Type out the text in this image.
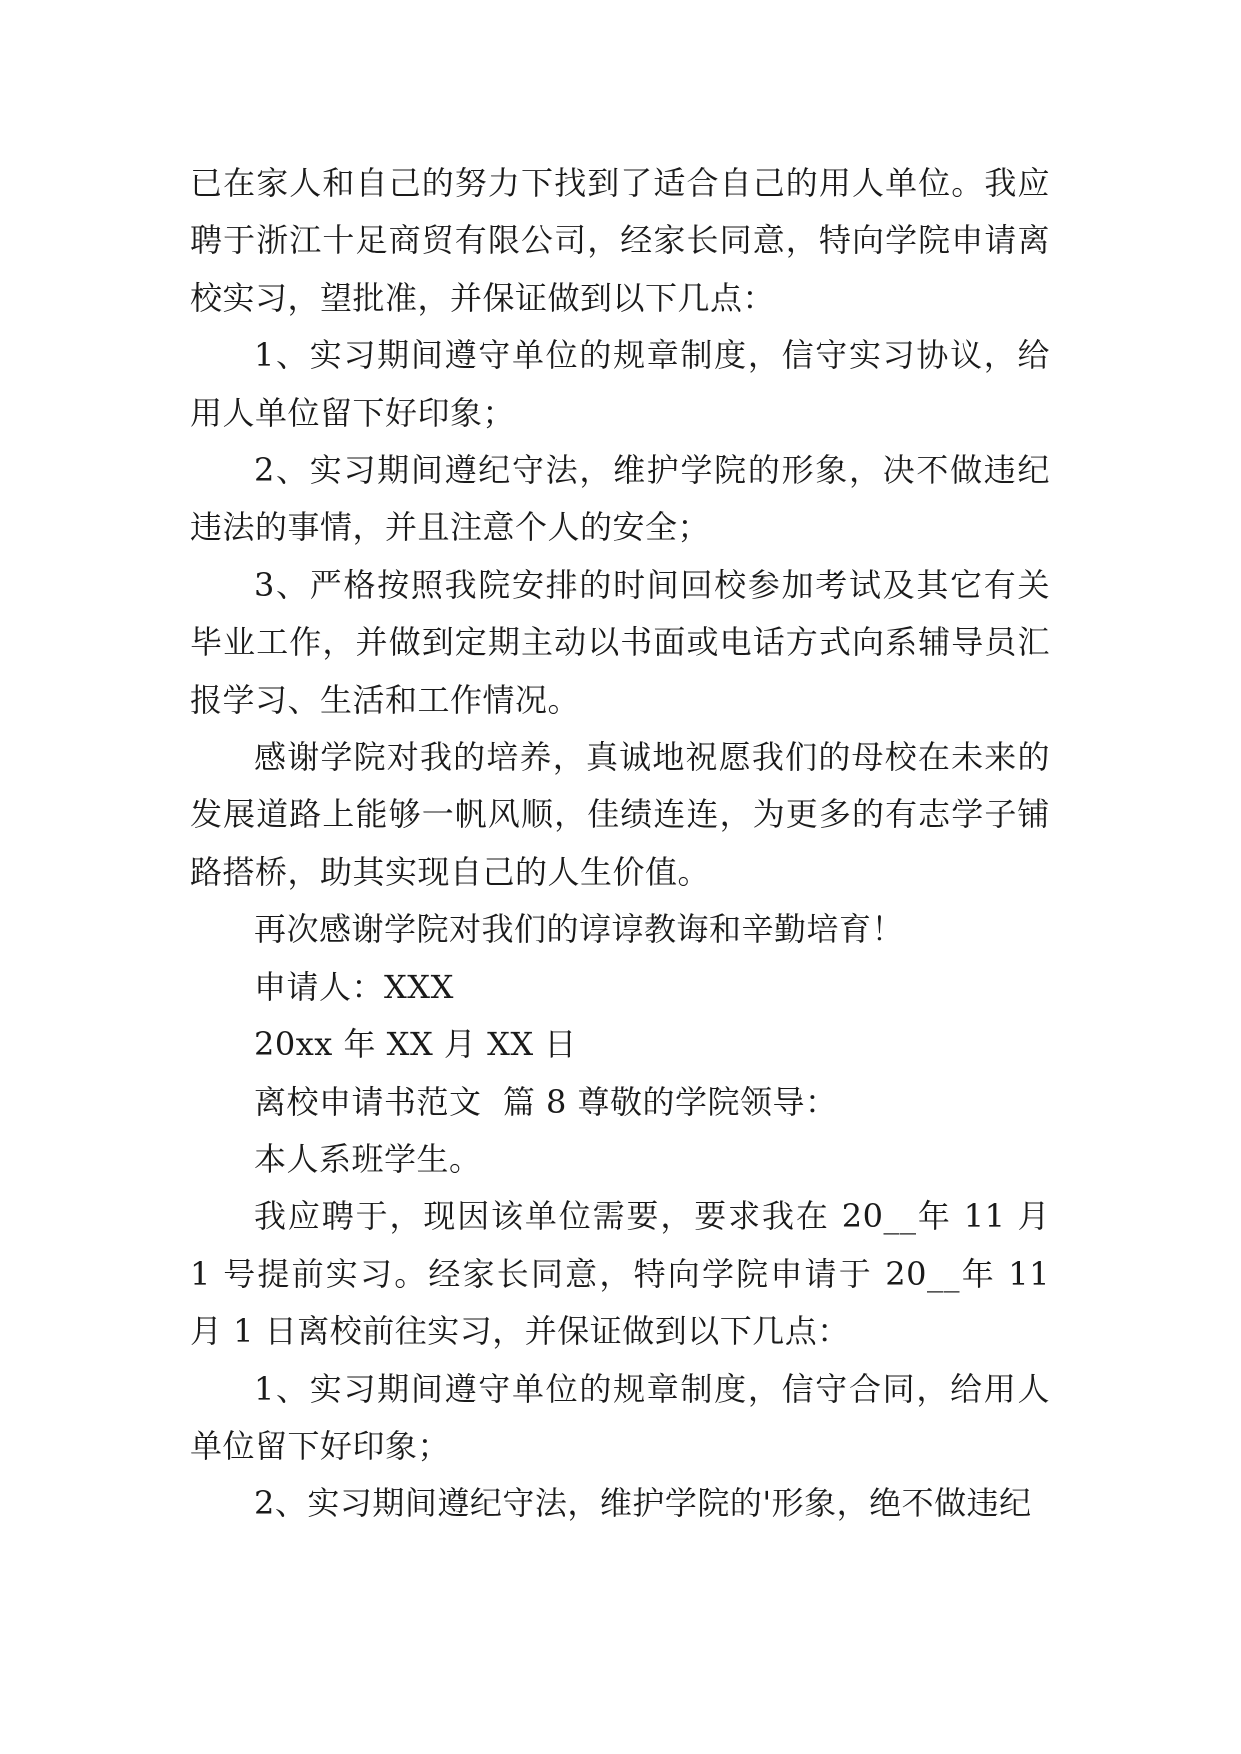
已在家人和自己的努力下找到了适合自己的用人单位。我应聘于浙江十足商贸有限公司，经家长同意，特向学院申请离校实习，望批准，并保证做到以下几点：

1、实习期间遵守单位的规章制度，信守实习协议，给用人单位留下好印象；

2、实习期间遵纪守法，维护学院的形象，决不做违纪违法的事情，并且注意个人的安全；

3、严格按照我院安排的时间回校参加考试及其它有关毕业工作，并做到定期主动以书面或电话方式向系辅导员汇报学习、生活和工作情况。

感谢学院对我的培养，真诚地祝愿我们的母校在未来的发展道路上能够一帆风顺，佳绩连连，为更多的有志学子铺路搭桥，助其实现自己的人生价值。

再次感谢学院对我们的谆谆教诲和辛勤培育！

申请人：XXX

20xx 年 XX 月 XX 日

离校申请书范文  篇 8 尊敬的学院领导：

本人系班学生。

我应聘于，现因该单位需要，要求我在 20__年 11 月 1 号提前实习。经家长同意，特向学院申请于 20__年 11 月 1 日离校前往实习，并保证做到以下几点：

1、实习期间遵守单位的规章制度，信守合同，给用人单位留下好印象；

2、实习期间遵纪守法，维护学院的'形象，绝不做违纪
